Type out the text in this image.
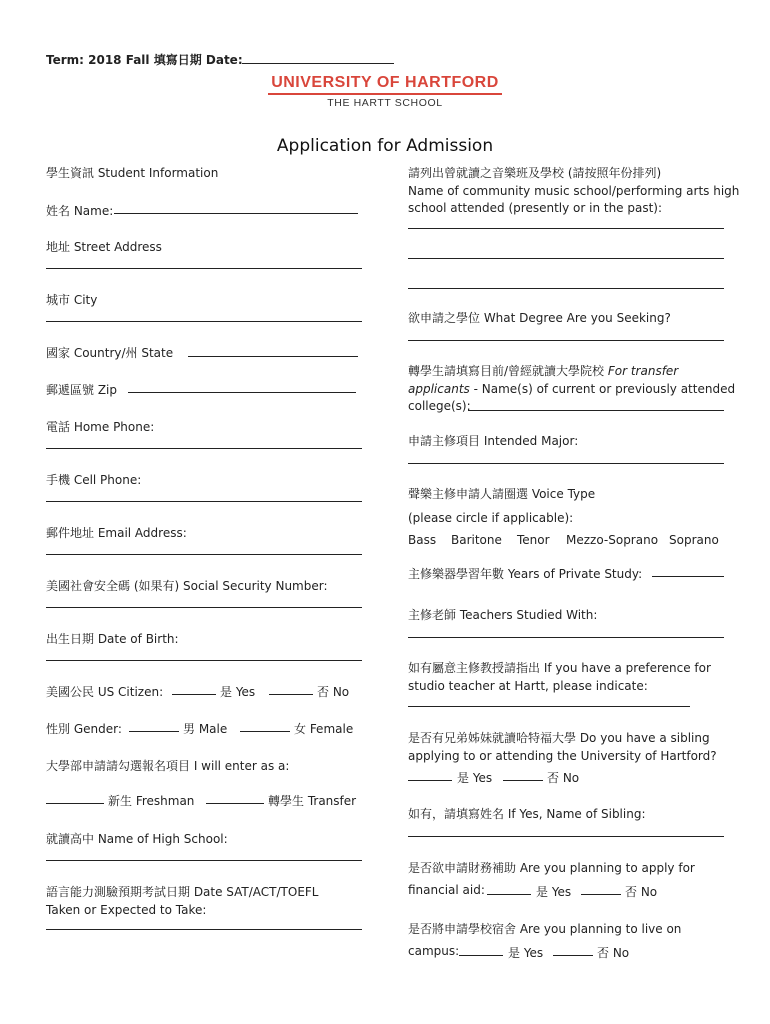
Term: 2018 Fall 填寫日期 Date:
UNIVERSITY OF HARTFORD
THE HARTT SCHOOL
Application for Admission
學生資訊 Student Information
姓名 Name:
地址 Street Address
城市 City
國家 Country/州 State
郵遞區號 Zip
電話 Home Phone:
手機 Cell Phone:
郵件地址 Email Address:
美國社會安全碼 (如果有) Social Security Number:
出生日期 Date of Birth:
美國公民 US Citizen:	是 Yes	否 No
性別 Gender:	男 Male	女 Female
大學部申請請勾選報名項目 I will enter as a:
新生 Freshman	轉學生 Transfer
就讀高中 Name of High School:
語言能力測驗預期考試日期 Date SAT/ACT/TOEFL
Taken or Expected to Take:
請列出曾就讀之音樂班及學校 (請按照年份排列)
Name of community music school/performing arts high
school attended (presently or in the past):
欲申請之學位 What Degree Are you Seeking?
轉學生請填寫目前/曾經就讀大學院校 For transfer
applicants - Name(s) of current or previously attended
college(s):
申請主修項目 Intended Major:
聲樂主修申請人請圈選 Voice Type
(please circle if applicable):
Bass Baritone Tenor Mezzo-Soprano Soprano
主修樂器學習年數 Years of Private Study:
主修老師 Teachers Studied With:
如有屬意主修教授請指出 If you have a preference for
studio teacher at Hartt, please indicate:
是否有兄弟姊妹就讀哈特福大學 Do you have a sibling
applying to or attending the University of Hartford?
是 Yes	否 No
如有，請填寫姓名 If Yes, Name of Sibling:
是否欲申請財務補助 Are you planning to apply for
financial aid:	是 Yes	否 No
是否將申請學校宿舍 Are you planning to live on
campus:	是 Yes	否 No
